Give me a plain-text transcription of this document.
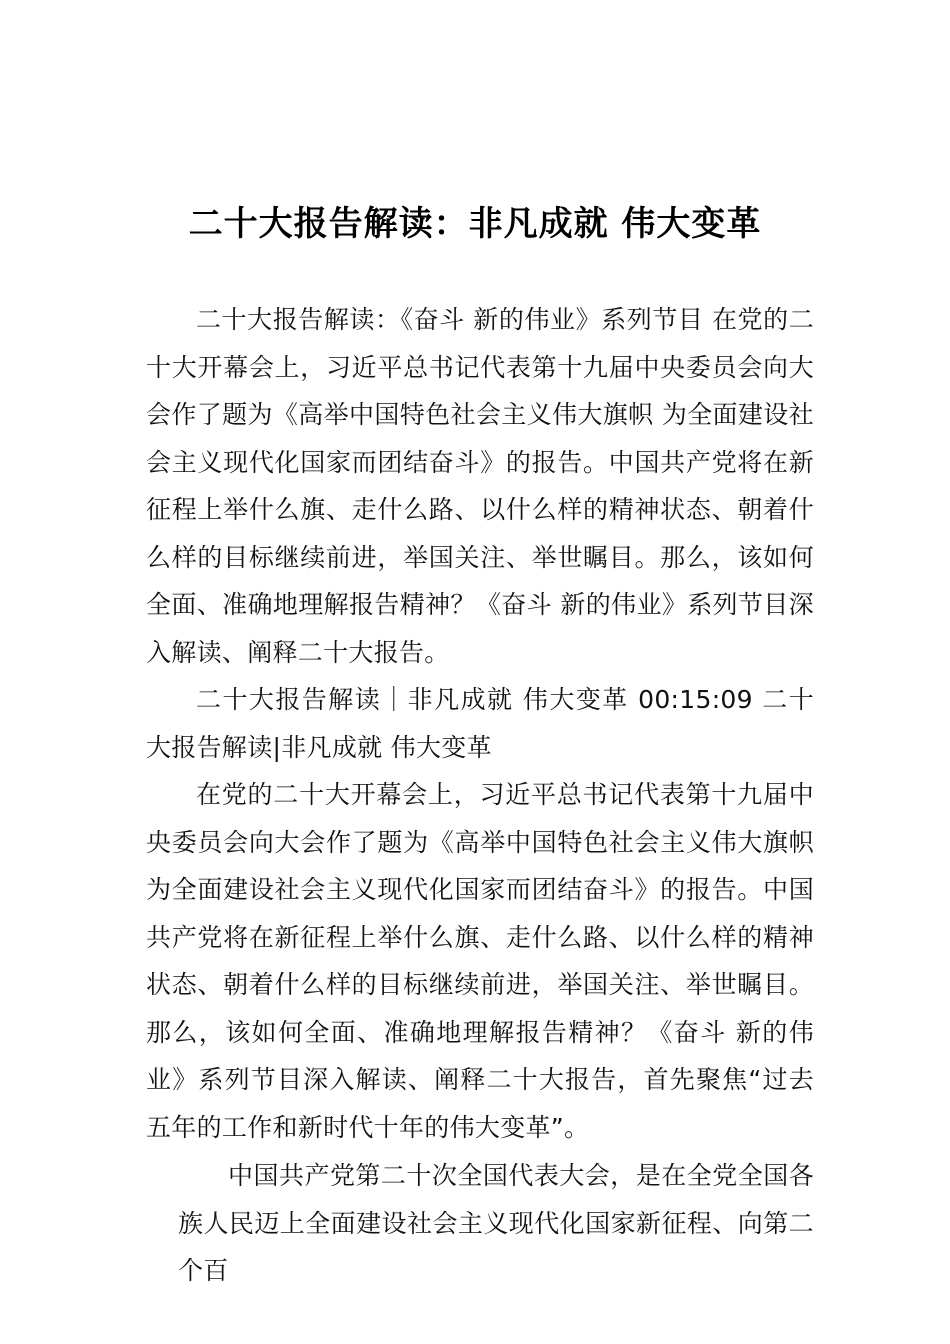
二十大报告解读：非凡成就 伟大变革

二十大报告解读：《奋斗 新的伟业》系列节目 在党的二十大开幕会上，习近平总书记代表第十九届中央委员会向大会作了题为《高举中国特色社会主义伟大旗帜 为全面建设社会主义现代化国家而团结奋斗》的报告。中国共产党将在新征程上举什么旗、走什么路、以什么样的精神状态、朝着什么样的目标继续前进，举国关注、举世瞩目。那么，该如何全面、准确地理解报告精神？《奋斗 新的伟业》系列节目深入解读、阐释二十大报告。

二十大报告解读｜非凡成就 伟大变革 00:15:09 二十大报告解读|非凡成就 伟大变革

在党的二十大开幕会上，习近平总书记代表第十九届中央委员会向大会作了题为《高举中国特色社会主义伟大旗帜 为全面建设社会主义现代化国家而团结奋斗》的报告。中国共产党将在新征程上举什么旗、走什么路、以什么样的精神状态、朝着什么样的目标继续前进，举国关注、举世瞩目。 那么，该如何全面、准确地理解报告精神？《奋斗 新的伟业》系列节目深入解读、阐释二十大报告，首先聚焦“过去五年的工作和新时代十年的伟大变革”。

中国共产党第二十次全国代表大会，是在全党全国各族人民迈上全面建设社会主义现代化国家新征程、向第二个百
